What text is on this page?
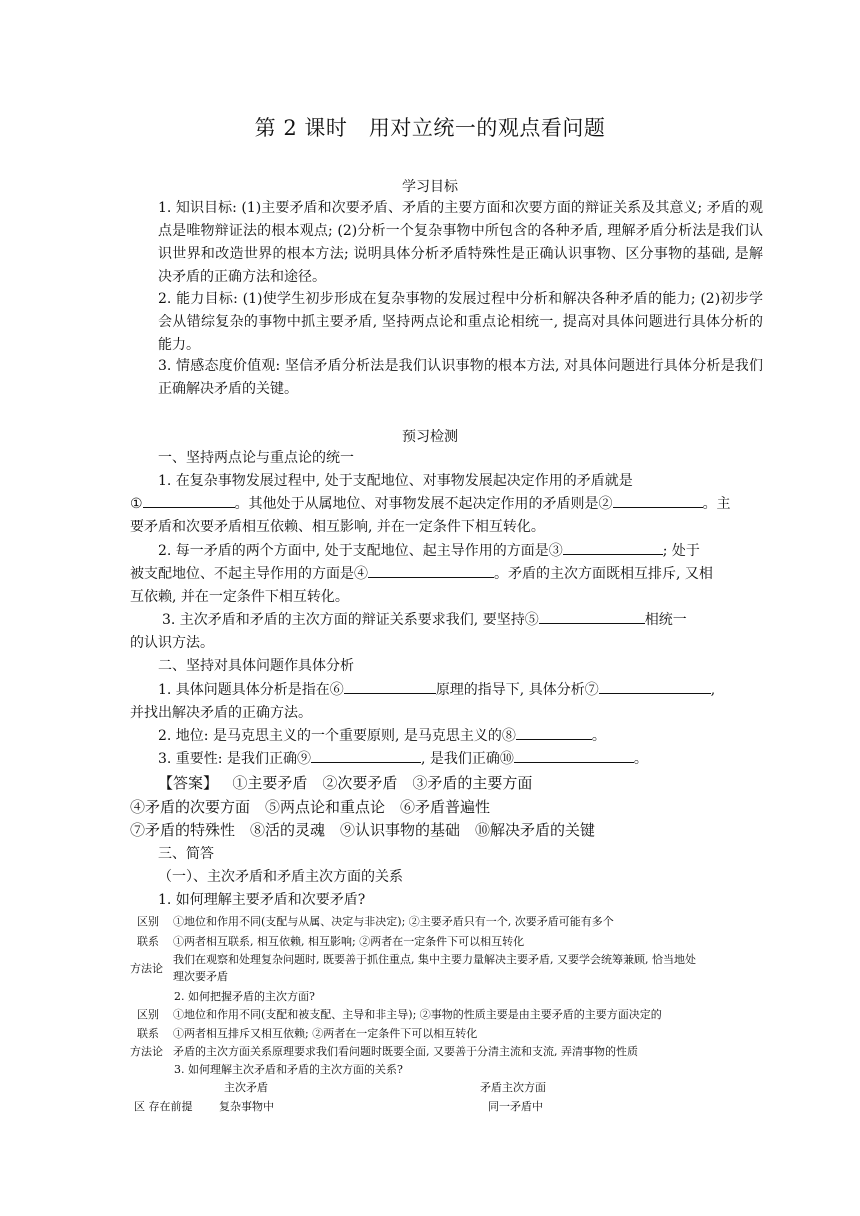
第 2 课时　用对立统一的观点看问题
学习目标
1. 知识目标: (1)主要矛盾和次要矛盾、矛盾的主要方面和次要方面的辩证关系及其意义; 矛盾的观点是唯物辩证法的根本观点; (2)分析一个复杂事物中所包含的各种矛盾, 理解矛盾分析法是我们认识世界和改造世界的根本方法; 说明具体分析矛盾特殊性是正确认识事物、区分事物的基础, 是解决矛盾的正确方法和途径。
2. 能力目标: (1)使学生初步形成在复杂事物的发展过程中分析和解决各种矛盾的能力; (2)初步学会从错综复杂的事物中抓主要矛盾, 坚持两点论和重点论相统一, 提高对具体问题进行具体分析的能力。
3. 情感态度价值观: 坚信矛盾分析法是我们认识事物的根本方法, 对具体问题进行具体分析是我们正确解决矛盾的关键。
预习检测
一、坚持两点论与重点论的统一
1. 在复杂事物发展过程中, 处于支配地位、对事物发展起决定作用的矛盾就是
①	。其他处于从属地位、对事物发展不起决定作用的矛盾则是②	。主
要矛盾和次要矛盾相互依赖、相互影响, 并在一定条件下相互转化。
2. 每一矛盾的两个方面中, 处于支配地位、起主导作用的方面是③	; 处于
被支配地位、不起主导作用的方面是④	。矛盾的主次方面既相互排斥, 又相
互依赖, 并在一定条件下相互转化。
3. 主次矛盾和矛盾的主次方面的辩证关系要求我们, 要坚持⑤	相统一
的认识方法。
二、坚持对具体问题作具体分析
1. 具体问题具体分析是指在⑥	原理的指导下, 具体分析⑦	,
并找出解决矛盾的正确方法。
2. 地位: 是马克思主义的一个重要原则, 是马克思主义的⑧	。
3. 重要性: 是我们正确⑨	, 是我们正确⑩	。
【答案】 ①主要矛盾　②次要矛盾　③矛盾的主要方面
④矛盾的次要方面　⑤两点论和重点论　⑥矛盾普遍性
⑦矛盾的特殊性　⑧活的灵魂　⑨认识事物的基础　⑩解决矛盾的关键
三、简答
（一）、主次矛盾和矛盾主次方面的关系
1. 如何理解主要矛盾和次要矛盾?
区别 ①地位和作用不同(支配与从属、决定与非决定); ②主要矛盾只有一个, 次要矛盾可能有多个
联系 ①两者相互联系, 相互依赖, 相互影响; ②两者在一定条件下可以相互转化
方法论
我们在观察和处理复杂问题时, 既要善于抓住重点, 集中主要力量解决主要矛盾, 又要学会统筹兼顾, 恰当地处
理次要矛盾
2. 如何把握矛盾的主次方面?
区别 ①地位和作用不同(支配和被支配、主导和非主导); ②事物的性质主要是由主要矛盾的主要方面决定的
联系 ①两者相互排斥又相互依赖; ②两者在一定条件下可以相互转化
方法论 矛盾的主次方面关系原理要求我们看问题时既要全面, 又要善于分清主流和支流, 弄清事物的性质
3. 如何理解主次矛盾和矛盾的主次方面的关系?
主次矛盾	矛盾主次方面
区 存在前提 复杂事物中	同一矛盾中
